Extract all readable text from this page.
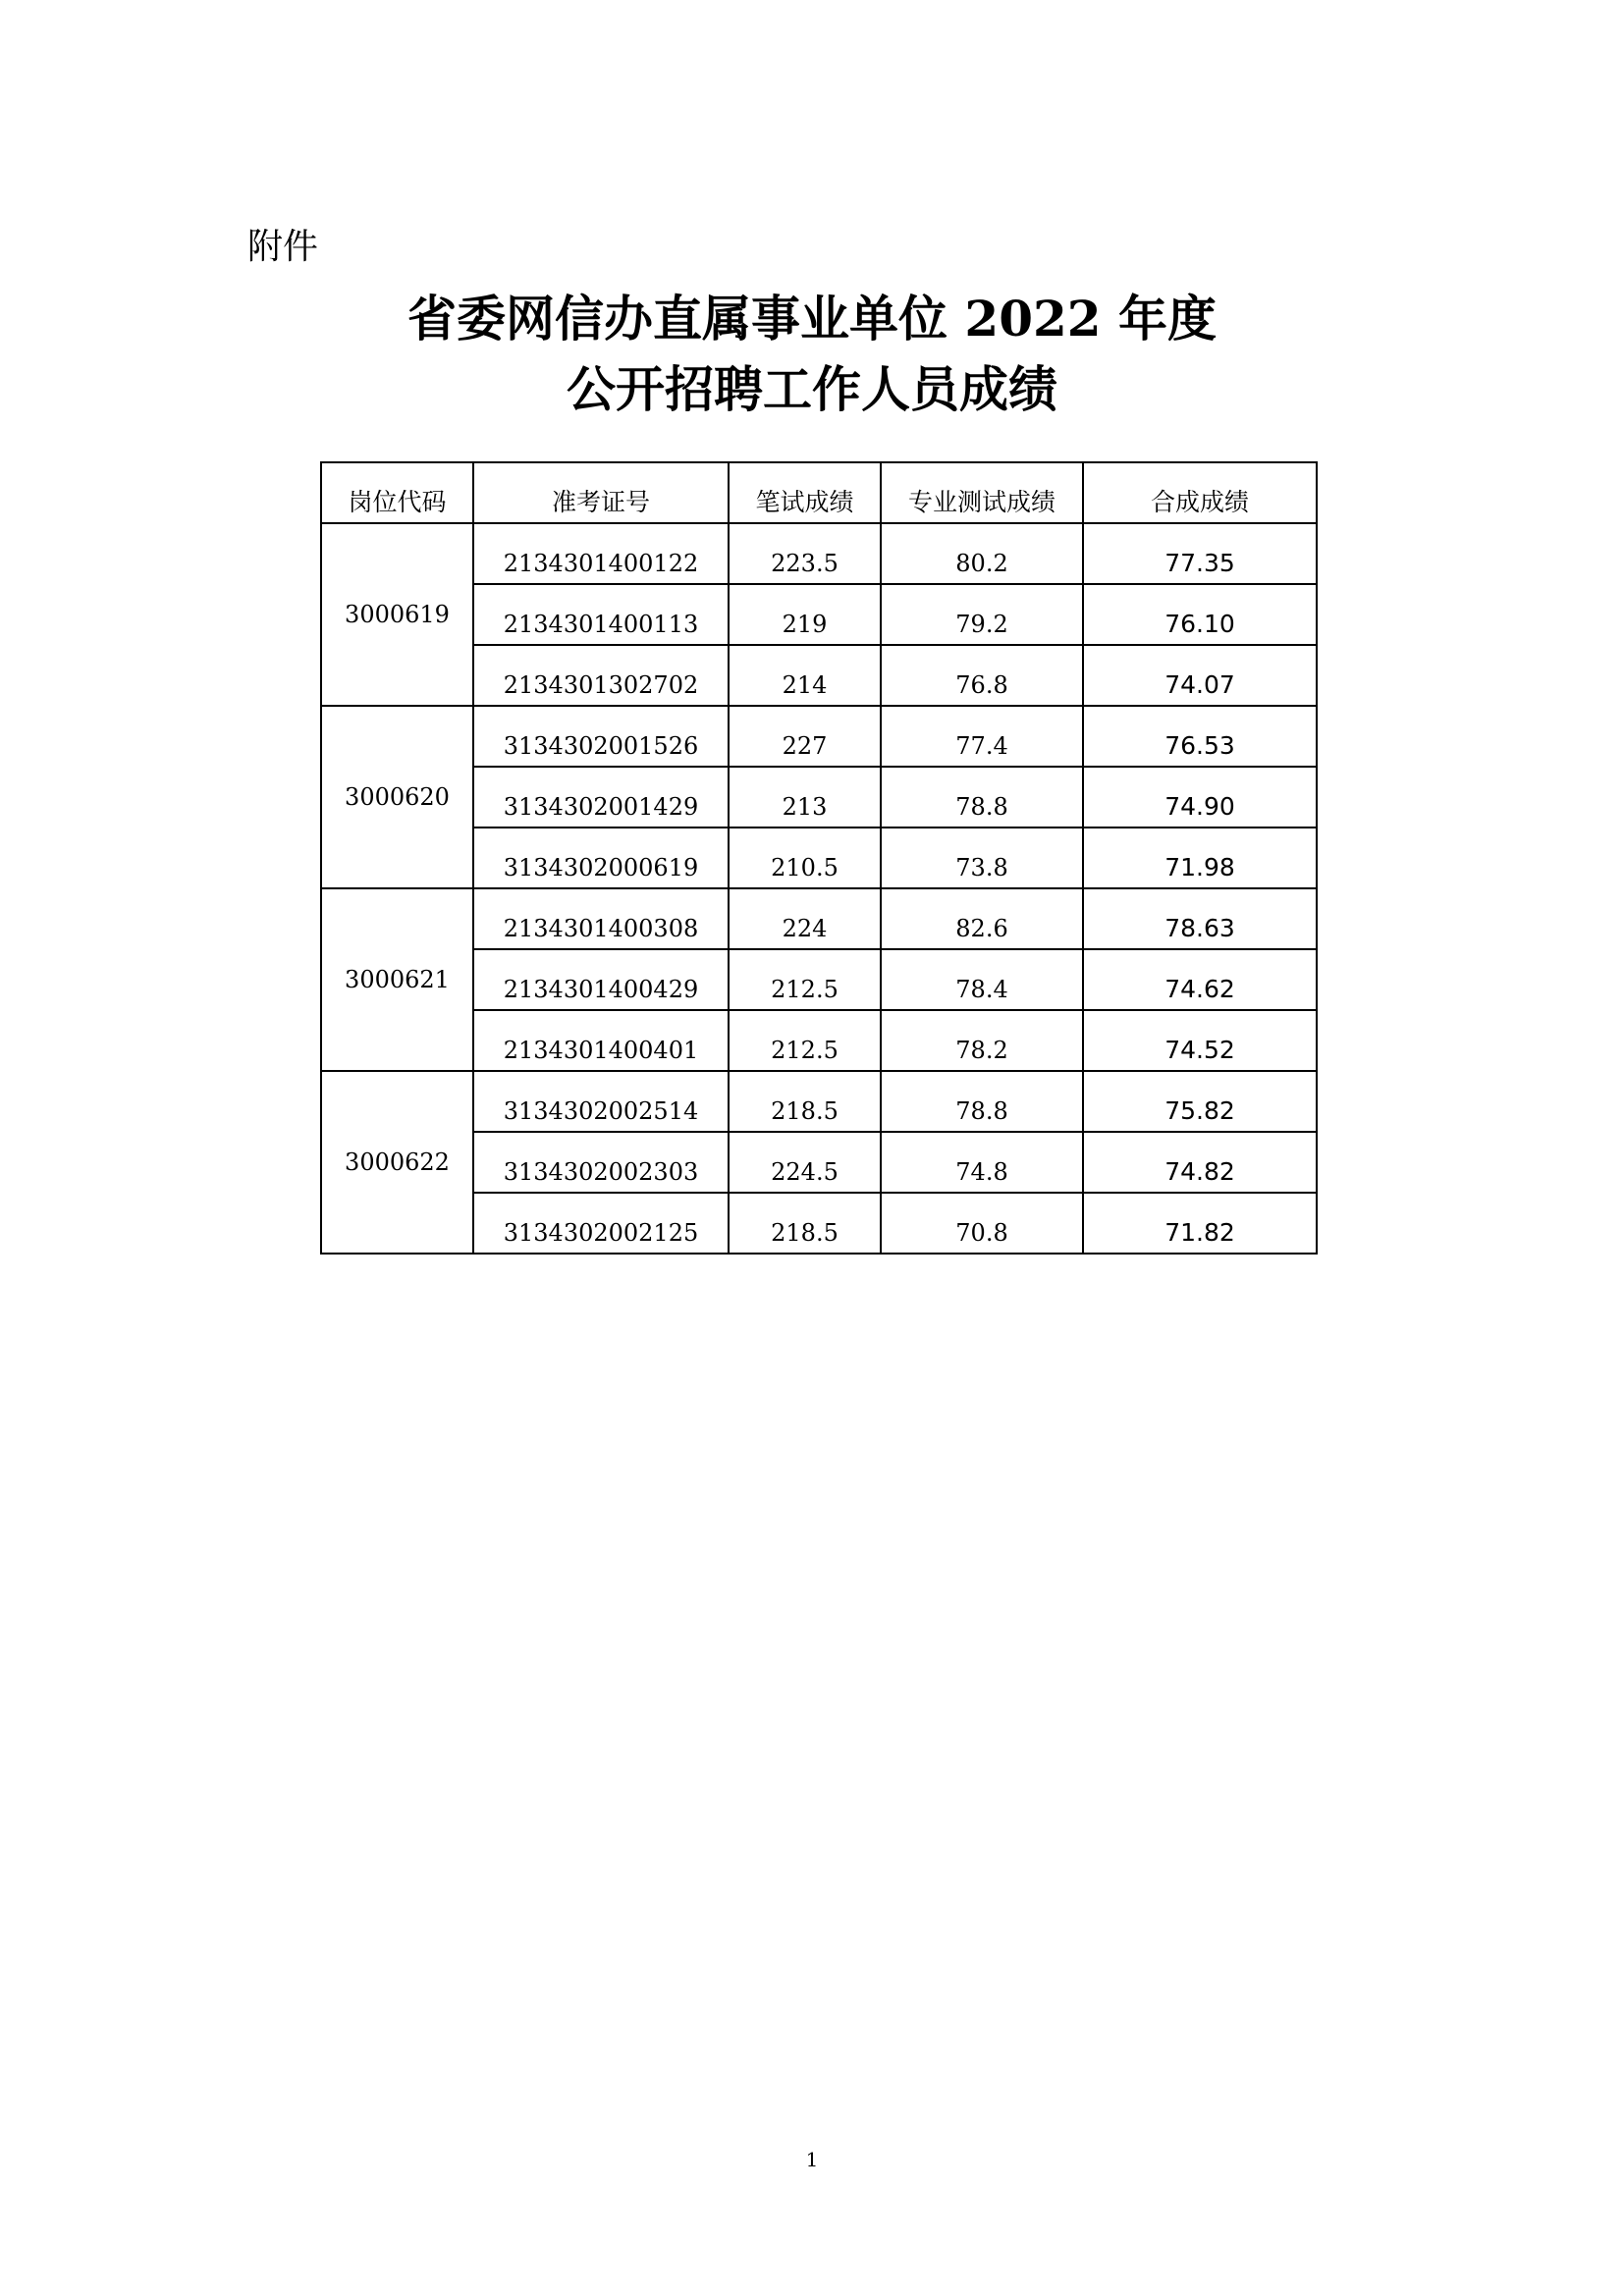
附件
省委网信办直属事业单位 2022 年度
公开招聘工作人员成绩
岗位代码	准考证号	笔试成绩	专业测试成绩	合成成绩
3000619	2134301400122	223.5	80.2	77.35
	2134301400113	219	79.2	76.10
	2134301302702	214	76.8	74.07
3000620	3134302001526	227	77.4	76.53
	3134302001429	213	78.8	74.90
	3134302000619	210.5	73.8	71.98
3000621	2134301400308	224	82.6	78.63
	2134301400429	212.5	78.4	74.62
	2134301400401	212.5	78.2	74.52
3000622	3134302002514	218.5	78.8	75.82
	3134302002303	224.5	74.8	74.82
	3134302002125	218.5	70.8	71.82
1
